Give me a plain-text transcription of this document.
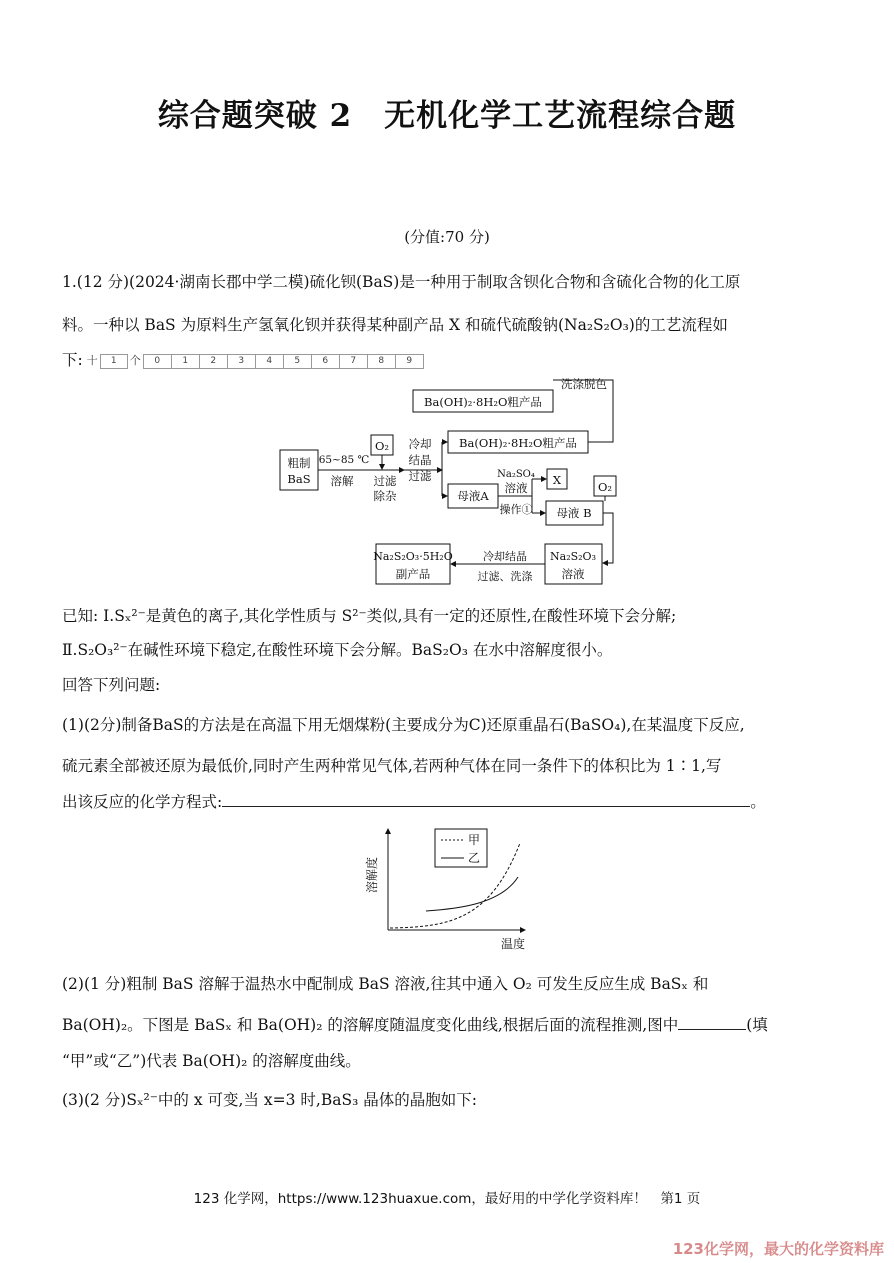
综合题突破 2　无机化学工艺流程综合题
(分值:70 分)
1.(12 分)(2024·湖南长郡中学二模)硫化钡(BaS)是一种用于制取含钡化合物和含硫化合物的化工原
料。一种以 BaS 为原料生产氢氧化钡并获得某种副产品 X 和硫代硫酸钠(Na₂S₂O₃)的工艺流程如
下: 十	1	个	0	1	2	3	4	5	6	7	8	9
粗制
BaS
65~85 ℃
溶解
O₂
过滤
除杂
冷却
结晶
过滤
Ba(OH)₂·8H₂O粗产品
Ba(OH)₂·8H₂O粗产品
洗涤脱色
Na₂SO₄
溶液
X
母液A
操作①
O₂
母液 B
Na₂S₂O₃
溶液
冷却结晶
过滤、洗涤
Na₂S₂O₃·5H₂O
副产品
已知: Ⅰ.Sₓ²⁻是黄色的离子,其化学性质与 S²⁻类似,具有一定的还原性,在酸性环境下会分解;
Ⅱ.S₂O₃²⁻在碱性环境下稳定,在酸性环境下会分解。BaS₂O₃ 在水中溶解度很小。
回答下列问题:
(1)(2分)制备BaS的方法是在高温下用无烟煤粉(主要成分为C)还原重晶石(BaSO₄),在某温度下反应,
硫元素全部被还原为最低价,同时产生两种常见气体,若两种气体在同一条件下的体积比为 1∶1,写
出该反应的化学方程式:	。
甲
乙
温度
溶解度
(2)(1 分)粗制 BaS 溶解于温热水中配制成 BaS 溶液,往其中通入 O₂ 可发生反应生成 BaSₓ 和
Ba(OH)₂。下图是 BaSₓ 和 Ba(OH)₂ 的溶解度随温度变化曲线,根据后面的流程推测,图中	(填
“甲”或“乙”)代表 Ba(OH)₂ 的溶解度曲线。
(3)(2 分)Sₓ²⁻中的 x 可变,当 x=3 时,BaS₃ 晶体的晶胞如下:
123 化学网，https://www.123huaxue.com，最好用的中学化学资料库！　第1 页
123化学网，最大的化学资料库
